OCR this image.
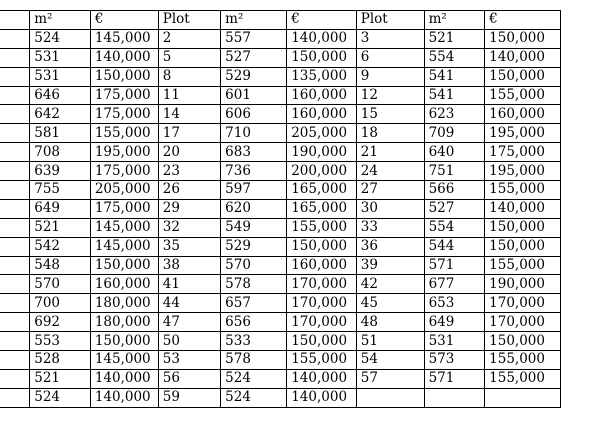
	m²	€	Plot	m²	€	Plot	m²	€
	524	145,000	2	557	140,000	3	521	150,000
	531	140,000	5	527	150,000	6	554	140,000
	531	150,000	8	529	135,000	9	541	150,000
	646	175,000	11	601	160,000	12	541	155,000
	642	175,000	14	606	160,000	15	623	160,000
	581	155,000	17	710	205,000	18	709	195,000
	708	195,000	20	683	190,000	21	640	175,000
	639	175,000	23	736	200,000	24	751	195,000
	755	205,000	26	597	165,000	27	566	155,000
	649	175,000	29	620	165,000	30	527	140,000
	521	145,000	32	549	155,000	33	554	150,000
	542	145,000	35	529	150,000	36	544	150,000
	548	150,000	38	570	160,000	39	571	155,000
	570	160,000	41	578	170,000	42	677	190,000
	700	180,000	44	657	170,000	45	653	170,000
	692	180,000	47	656	170,000	48	649	170,000
	553	150,000	50	533	150,000	51	531	150,000
	528	145,000	53	578	155,000	54	573	155,000
	521	140,000	56	524	140,000	57	571	155,000
	524	140,000	59	524	140,000			
